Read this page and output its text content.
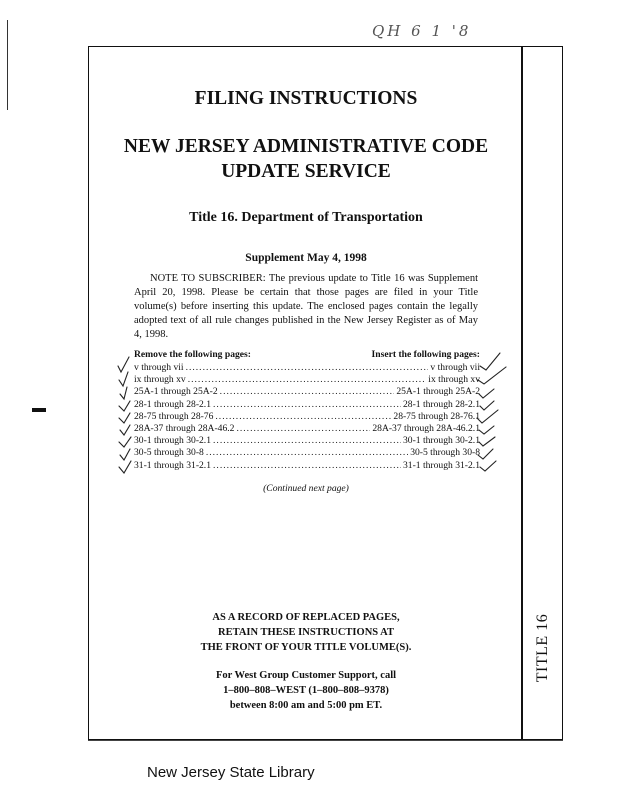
QH 6 1 '8
FILING INSTRUCTIONS
NEW JERSEY ADMINISTRATIVE CODE
UPDATE SERVICE
Title 16. Department of Transportation
Supplement May 4, 1998
NOTE TO SUBSCRIBER: The previous update to Title 16 was Supplement April 20, 1998. Please be certain that those pages are filed in your Title volume(s) before inserting this update. The enclosed pages contain the legally adopted text of all rule changes published in the New Jersey Register as of May 4, 1998.
Remove the following pages:	Insert the following pages:
v through vii .....	v through vii
ix through xv .....	ix through xv
25A-1 through 25A-2 .....	25A-1 through 25A-2
28-1 through 28-2.1 .....	28-1 through 28-2.1
28-75 through 28-76 .....	28-75 through 28-76.1
28A-37 through 28A-46.2 .....	28A-37 through 28A-46.2.1
30-1 through 30-2.1 .....	30-1 through 30-2.1
30-5 through 30-8 .....	30-5 through 30-8
31-1 through 31-2.1 .....	31-1 through 31-2.1
(Continued next page)
AS A RECORD OF REPLACED PAGES,
RETAIN THESE INSTRUCTIONS AT
THE FRONT OF YOUR TITLE VOLUME(S).
For West Group Customer Support, call
1–800–808–WEST (1–800–808–9378)
between 8:00 am and 5:00 pm ET.
TITLE 16
New Jersey State Library
